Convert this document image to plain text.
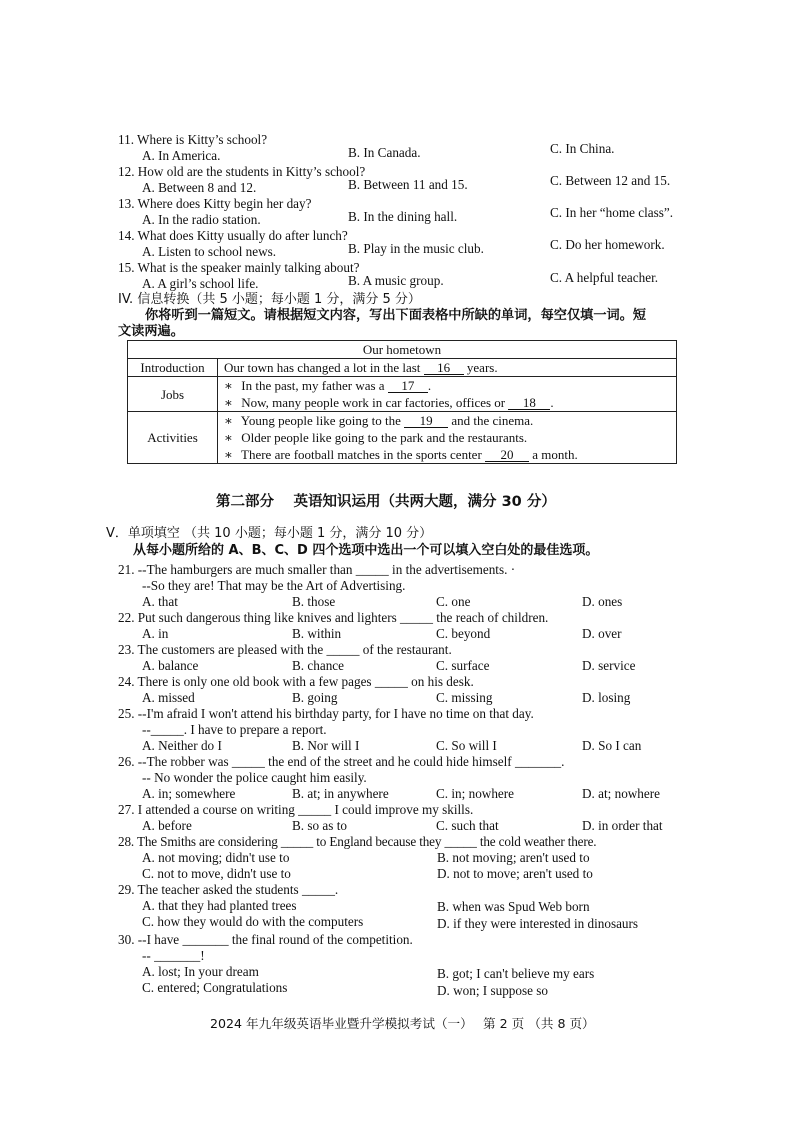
11. Where is Kitty’s school?
A. In America.	B. In Canada.	C. In China.
12. How old are the students in Kitty’s school?
A. Between 8 and 12.	B. Between 11 and 15.	C. Between 12 and 15.
13. Where does Kitty begin her day?
A. In the radio station.	B. In the dining hall.	C. In her “home class”.
14. What does Kitty usually do after lunch?
A. Listen to school news.	B. Play in the music club.	C. Do her homework.
15. What is the speaker mainly talking about?
A. A girl’s school life.	B. A music group.	C. A helpful teacher.
IV. 信息转换（共 5 小题；每小题 1 分，满分 5 分）
你将听到一篇短文。请根据短文内容，写出下面表格中所缺的单词，每空仅填一词。短
文读两遍。
Our hometown	
Introduction	Our town has changed a lot in the last 16 years.
Jobs	∗ In the past, my father was a 17 .
∗ Now, many people work in car factories, offices or 18 .

Activities	∗ Young people like going to the 19 and the cinema.
∗ Older people like going to the park and the restaurants.
∗ There are football matches in the sports center 20 a month.
第二部分　 英语知识运用（共两大题，满分 30 分）
V．单项填空 （共 10 小题；每小题 1 分，满分 10 分）
从每小题所给的 A、B、C、D 四个选项中选出一个可以填入空白处的最佳选项。
21. --The hamburgers are much smaller than _____ in the advertisements. ·
--So they are! That may be the Art of Advertising.
A. that	B. those	C. one	D. ones
22. Put such dangerous thing like knives and lighters _____ the reach of children.
A. in	B. within	C. beyond	D. over
23. The customers are pleased with the _____ of the restaurant.
A. balance	B. chance	C. surface	D. service
24. There is only one old book with a few pages _____ on his desk.
A. missed	B. going	C. missing	D. losing
25. --I'm afraid I won't attend his birthday party, for I have no time on that day.
--_____. I have to prepare a report.
A. Neither do I	B. Nor will I	C. So will I	D. So I can
26. --The robber was _____ the end of the street and he could hide himself _______.
-- No wonder the police caught him easily.
A. in; somewhere	B. at; in anywhere	C. in; nowhere	D. at; nowhere
27. I attended a course on writing _____ I could improve my skills.
A. before	B. so as to	C. such that	D. in order that
28. The Smiths are considering _____ to England because they _____ the cold weather there.
A. not moving; didn't use to	B. not moving; aren't used to
C. not to move, didn't use to	D. not to move; aren't used to
29. The teacher asked the students _____.
A. that they had planted trees	B. when was Spud Web born
C. how they would do with the computers	D. if they were interested in dinosaurs
30. --I have _______ the final round of the competition.
-- _______!
A. lost; In your dream	B. got; I can't believe my ears
C. entered; Congratulations	D. won; I suppose so
2024 年九年级英语毕业暨升学模拟考试（一）　 第 2 页 （共 8 页）
